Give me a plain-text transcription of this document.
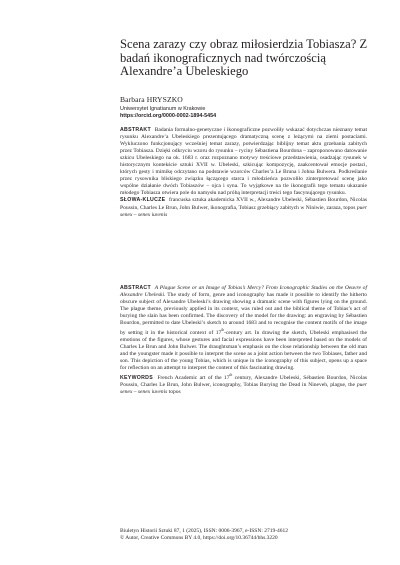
Scena zarazy czy obraz miłosierdzia Tobiasza? Z badań ikonograficznych nad twórczością Alexandre’a Ubeleskiego
Barbara HRYSZKO
Uniwersytet Ignatianum w Krakowie
https://orcid.org/0000-0002-1894-5454
ABSTRAKT Badania formalno-genetyczne i ikonograficzne pozwoliły wskazać dotychczas nieznany temat rysunku Alexandre’a Ubeleskiego prezentującego dramatyczną scenę z leżącymi na ziemi postaciami. Wykluczono funkcjonujący wcześniej temat zarazy, potwierdzając biblijny temat aktu grzebania zabitych przez Tobiasza. Dzięki odkryciu wzoru do rysunku – ryciny Sébastiena Bourdona – zaproponowano datowanie szkicu Ubeleskiego na ok. 1683 r. oraz rozpoznano motywy treściowe przedstawienia, osadzając rysunek w historycznym kontekście sztuki XVII w. Ubeleski, szkicując kompozycję, zaakcentował emocje postaci, których gesty i mimikę odczytano na podstawie wzorców Charles’a Le Bruna i Johna Bulwera. Podkreślanie przez rysownika bliskiego związku łączącego starca i młodzieńca pozwoliło zinterpretować scenę jako wspólne działanie dwóch Tobiaszów – ojca i syna. To wyjątkowe na tle ikonografii tego tematu ukazanie młodego Tobiasza otwiera pole do namysłu nad próbą interpretacji treści tego fascynującego rysunku.
SŁOWA-KLUCZE francuska sztuka akademicka XVII w., Alexandre Ubeleski, Sébastien Bourdon, Nicolas Poussin, Charles Le Brun, John Bulwer, ikonografia, Tobiasz grzebiący zabitych w Niniwie, zaraza, topos puer senex – senex iuvenis
ABSTRACT A Plague Scene or an Image of Tobias’s Mercy? From Iconographic Studies on the Oeuvre of Alexandre Ubeleski. The study of form, genre and iconography has made it possible to identify the hitherto obscure subject of Alexandre Ubeleski’s drawing showing a dramatic scene with figures lying on the ground. The plague theme, previously applied in its context, was ruled out and the biblical theme of Tobias’s act of burying the slain has been confirmed. The discovery of the model for the drawing: an engraving by Sébastien Bourdon, permitted to date Ubeleski’s sketch to around 1683 and to recognise the content motifs of the image by setting it in the historical context of 17th-century art. In drawing the sketch, Ubeleski emphasised the emotions of the figures, whose gestures and facial expressions have been interpreted based on the models of Charles Le Brun and John Bulwer. The draughtsman’s emphasis on the close relationship between the old man and the youngster made it possible to interpret the scene as a joint action between the two Tobiases, father and son. This depiction of the young Tobias, which is unique in the iconography of this subject, opens up a space for reflection on an attempt to interpret the content of this fascinating drawing.
KEYWORDS French Academic art of the 17th century, Alexandre Ubeleski, Sébastien Bourdon, Nicolas Poussin, Charles Le Brun, John Bulwer, iconography, Tobias Burying the Dead in Nineveh, plague, the puer senex – senex iuvenis topos
Biuletyn Historii Sztuki 87, 1 (2025), ISSN: 0006-3967, e-ISSN: 2719-4612
© Autor, Creative Commons BY 4.0, https://doi.org/10.36744/bhs.3220
